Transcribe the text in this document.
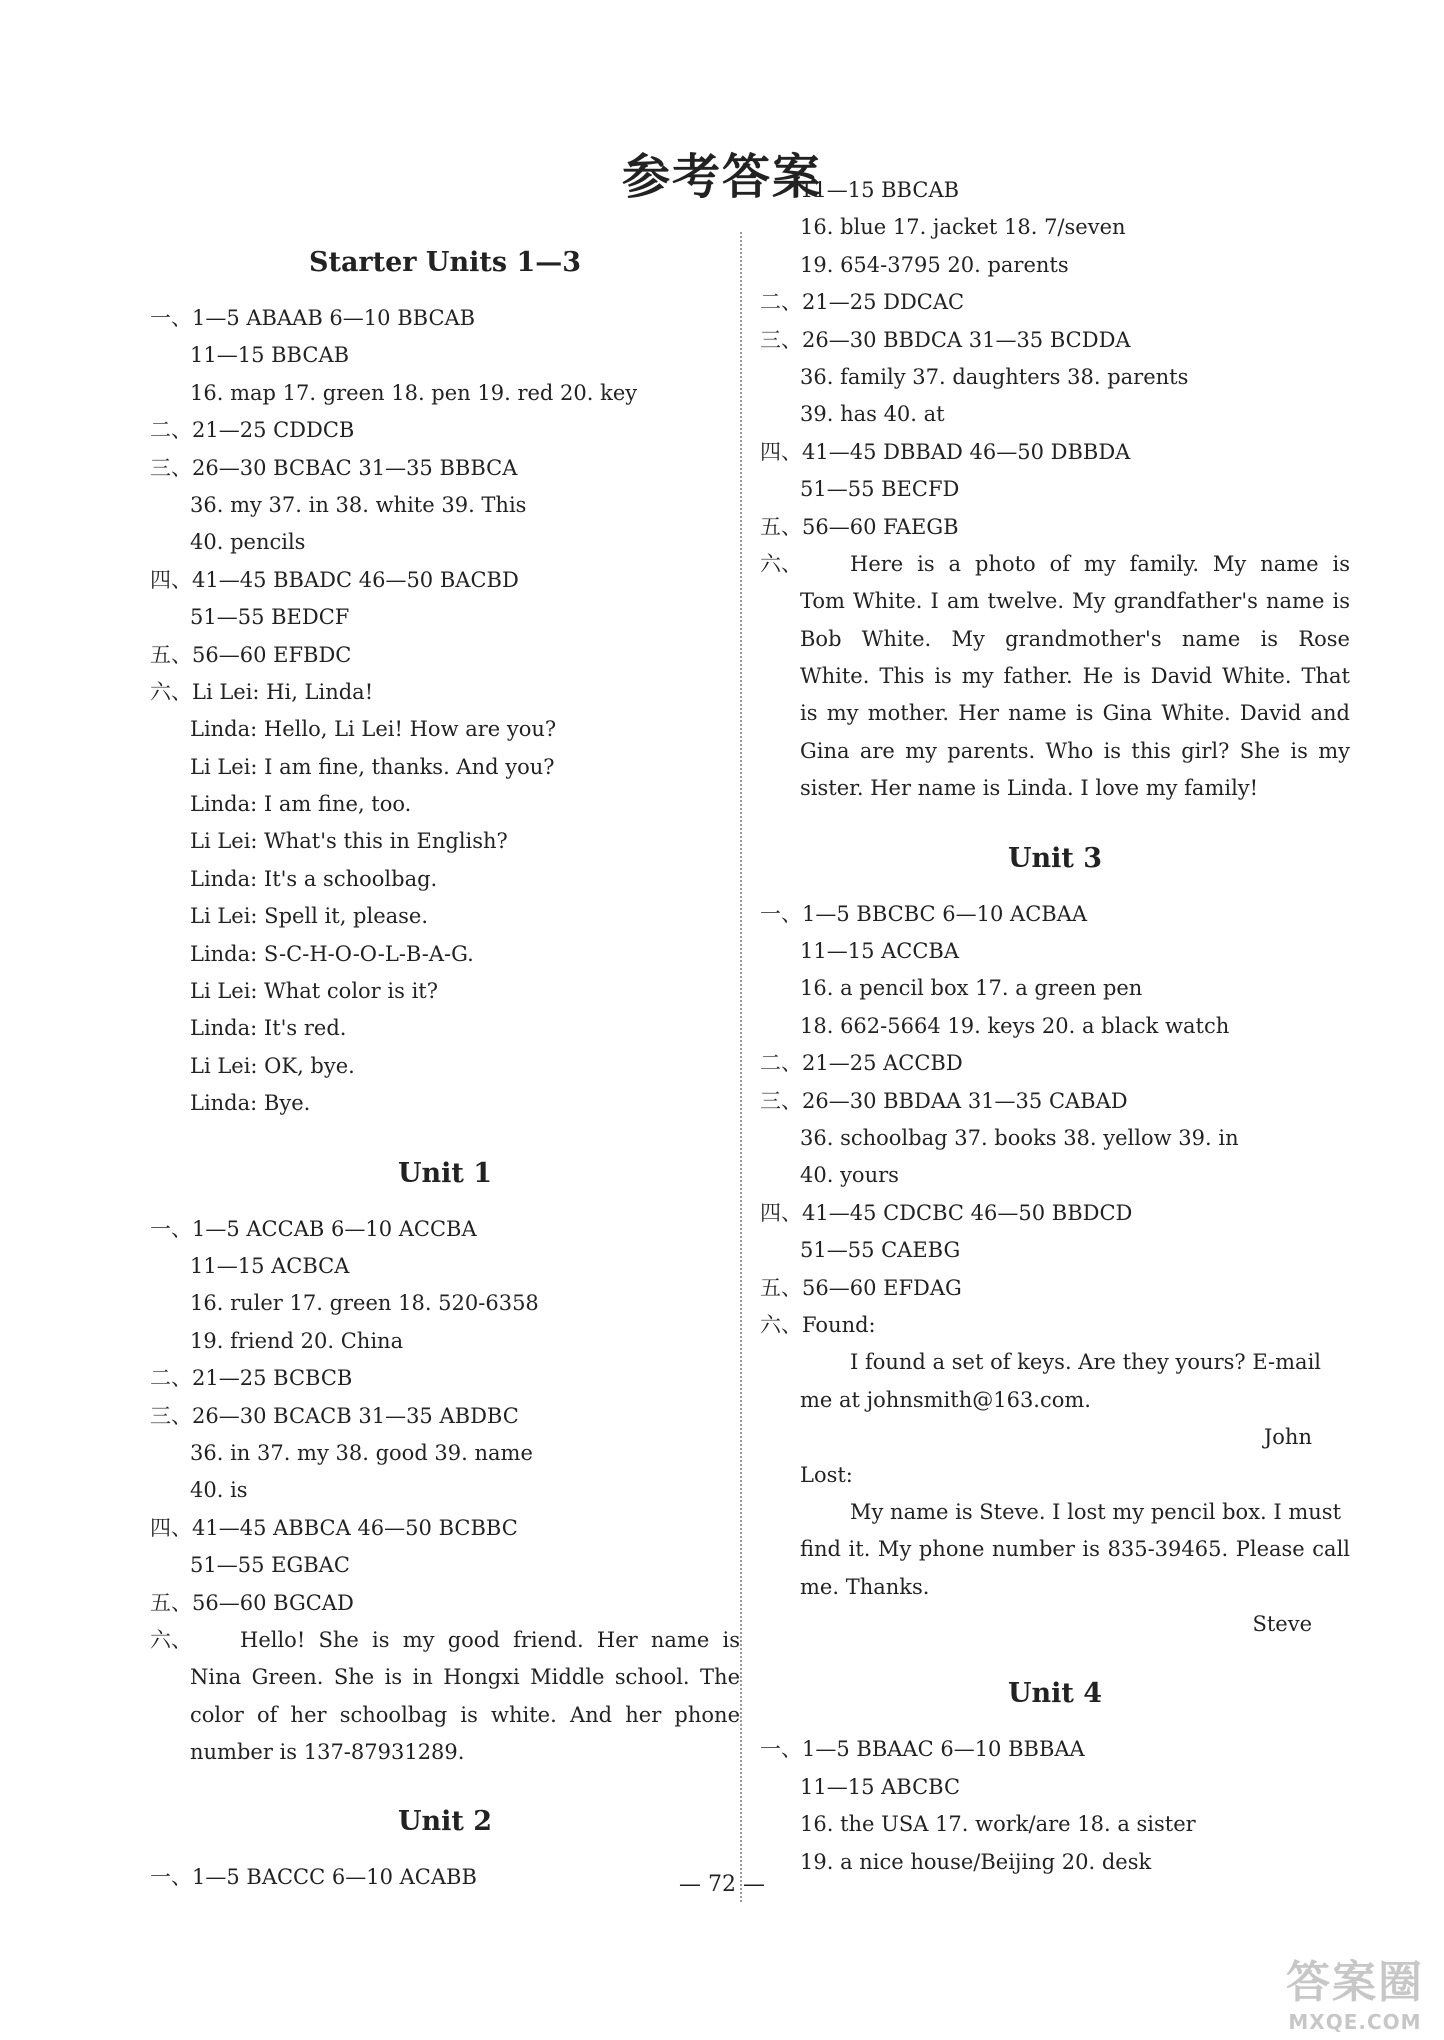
参考答案
Starter Units 1—3
一、1—5 ABAAB 6—10 BBCAB
11—15 BBCAB
16. map 17. green 18. pen 19. red 20. key
二、21—25 CDDCB
三、26—30 BCBAC 31—35 BBBCA
36. my 37. in 38. white 39. This
40. pencils
四、41—45 BBADC 46—50 BACBD
51—55 BEDCF
五、56—60 EFBDC
六、Li Lei: Hi, Linda!
Linda: Hello, Li Lei! How are you?
Li Lei: I am fine, thanks. And you?
Linda: I am fine, too.
Li Lei: What's this in English?
Linda: It's a schoolbag.
Li Lei: Spell it, please.
Linda: S-C-H-O-O-L-B-A-G.
Li Lei: What color is it?
Linda: It's red.
Li Lei: OK, bye.
Linda: Bye.
Unit 1
一、1—5 ACCAB 6—10 ACCBA
11—15 ACBCA
16. ruler 17. green 18. 520-6358
19. friend 20. China
二、21—25 BCBCB
三、26—30 BCACB 31—35 ABDBC
36. in 37. my 38. good 39. name
40. is
四、41—45 ABBCA 46—50 BCBBC
51—55 EGBAC
五、56—60 BGCAD
六、 Hello! She is my good friend. Her name is
Nina Green. She is in Hongxi Middle school. The
color of her schoolbag is white. And her phone
number is 137-87931289.
Unit 2
一、1—5 BACCC 6—10 ACABB
11—15 BBCAB
16. blue 17. jacket 18. 7/seven
19. 654-3795 20. parents
二、21—25 DDCAC
三、26—30 BBDCA 31—35 BCDDA
36. family 37. daughters 38. parents
39. has 40. at
四、41—45 DBBAD 46—50 DBBDA
51—55 BECFD
五、56—60 FAEGB
六、 Here is a photo of my family. My name is
Tom White. I am twelve. My grandfather's name is
Bob White. My grandmother's name is Rose
White. This is my father. He is David White. That
is my mother. Her name is Gina White. David and
Gina are my parents. Who is this girl? She is my
sister. Her name is Linda. I love my family!
Unit 3
一、1—5 BBCBC 6—10 ACBAA
11—15 ACCBA
16. a pencil box 17. a green pen
18. 662-5664 19. keys 20. a black watch
二、21—25 ACCBD
三、26—30 BBDAA 31—35 CABAD
36. schoolbag 37. books 38. yellow 39. in
40. yours
四、41—45 CDCBC 46—50 BBDCD
51—55 CAEBG
五、56—60 EFDAG
六、Found:
I found a set of keys. Are they yours? E-mail
me at johnsmith@163.com.
John
Lost:
My name is Steve. I lost my pencil box. I must
find it. My phone number is 835-39465. Please call
me. Thanks.
Steve
Unit 4
一、1—5 BBAAC 6—10 BBBAA
11—15 ABCBC
16. the USA 17. work/are 18. a sister
19. a nice house/Beijing 20. desk
— 72 —
答案圈
MXQE.COM
